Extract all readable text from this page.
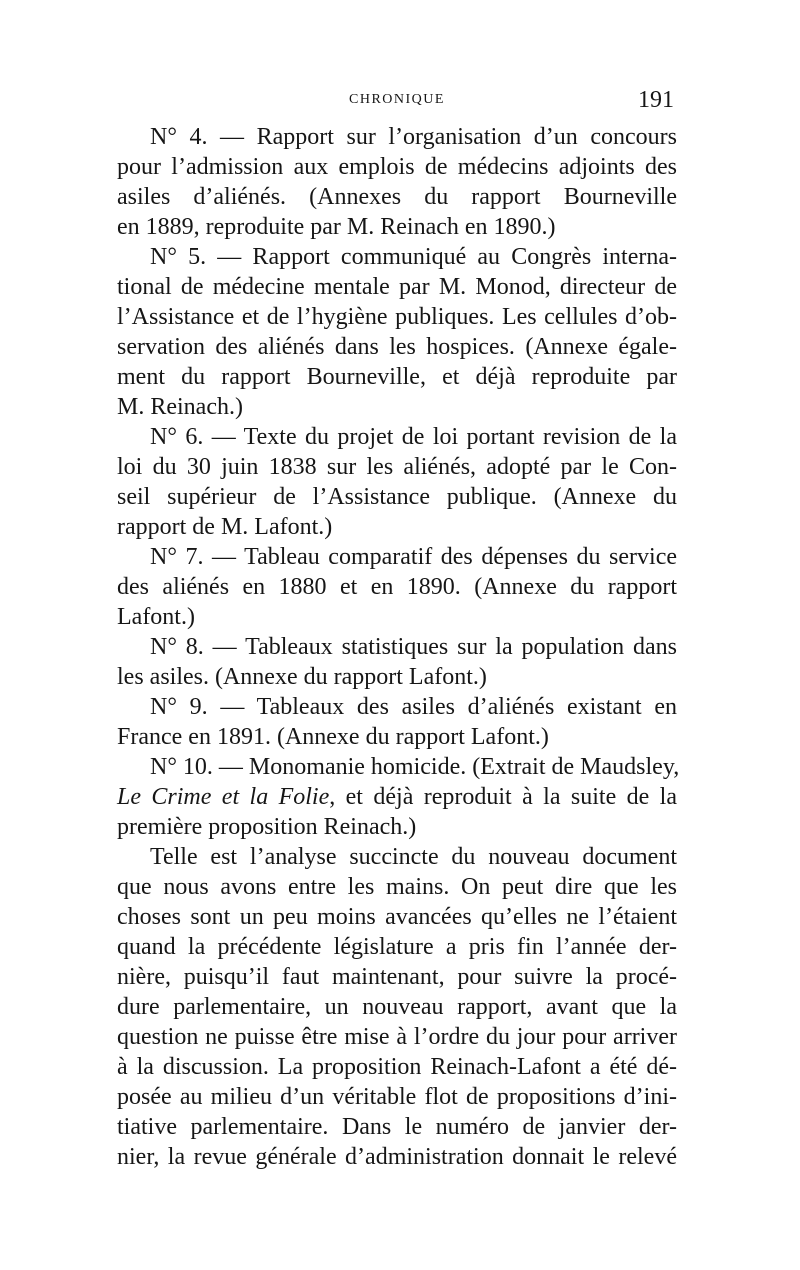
CHRONIQUE	191
N° 4. — Rapport sur l’organisation d’un concours
pour l’admission aux emplois de médecins adjoints des
asiles d’aliénés. (Annexes du rapport Bourneville
en 1889, reproduite par M. Reinach en 1890.)
N° 5. — Rapport communiqué au Congrès interna-
tional de médecine mentale par M. Monod, directeur de
l’Assistance et de l’hygiène publiques. Les cellules d’ob-
servation des aliénés dans les hospices. (Annexe égale-
ment du rapport Bourneville, et déjà reproduite par
M. Reinach.)
N° 6. — Texte du projet de loi portant revision de la
loi du 30 juin 1838 sur les aliénés, adopté par le Con-
seil supérieur de l’Assistance publique. (Annexe du
rapport de M. Lafont.)
N° 7. — Tableau comparatif des dépenses du service
des aliénés en 1880 et en 1890. (Annexe du rapport
Lafont.)
N° 8. — Tableaux statistiques sur la population dans
les asiles. (Annexe du rapport Lafont.)
N° 9. — Tableaux des asiles d’aliénés existant en
France en 1891. (Annexe du rapport Lafont.)
N° 10. — Monomanie homicide. (Extrait de Maudsley,
Le Crime et la Folie, et déjà reproduit à la suite de la
première proposition Reinach.)
Telle est l’analyse succincte du nouveau document
que nous avons entre les mains. On peut dire que les
choses sont un peu moins avancées qu’elles ne l’étaient
quand la précédente législature a pris fin l’année der-
nière, puisqu’il faut maintenant, pour suivre la procé-
dure parlementaire, un nouveau rapport, avant que la
question ne puisse être mise à l’ordre du jour pour arriver
à la discussion. La proposition Reinach-Lafont a été dé-
posée au milieu d’un véritable flot de propositions d’ini-
tiative parlementaire. Dans le numéro de janvier der-
nier, la revue générale d’administration donnait le relevé
